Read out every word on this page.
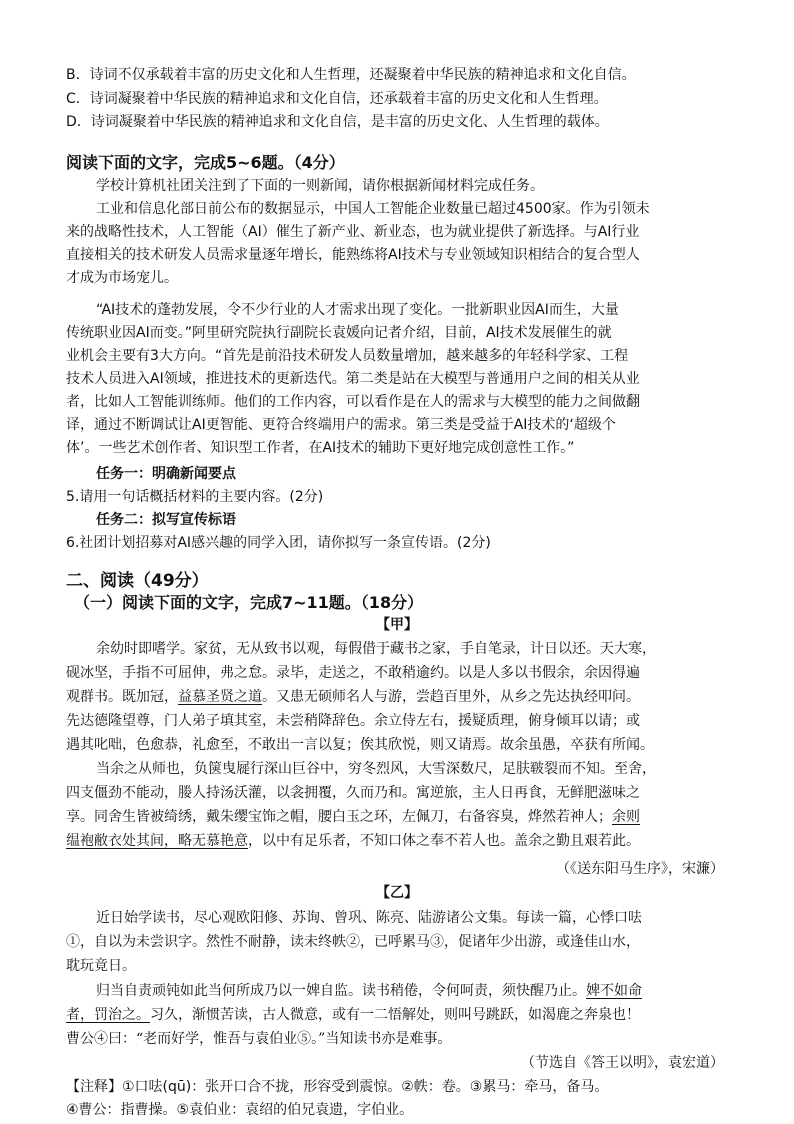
B．诗词不仅承载着丰富的历史文化和人生哲理，还凝聚着中华民族的精神追求和文化自信。
C．诗词凝聚着中华民族的精神追求和文化自信，还承载着丰富的历史文化和人生哲理。
D．诗词凝聚着中华民族的精神追求和文化自信，是丰富的历史文化、人生哲理的载体。
阅读下面的文字，完成5~6题。（4分）
学校计算机社团关注到了下面的一则新闻，请你根据新闻材料完成任务。
工业和信息化部日前公布的数据显示，中国人工智能企业数量已超过4500家。作为引领未
来的战略性技术，人工智能（AI）催生了新产业、新业态，也为就业提供了新选择。与AI行业
直接相关的技术研发人员需求量逐年增长，能熟练将AI技术与专业领域知识相结合的复合型人
才成为市场宠儿。
“AI技术的蓬勃发展，令不少行业的人才需求出现了变化。一批新职业因AI而生，大量
传统职业因AI而变。”阿里研究院执行副院长袁媛向记者介绍，目前，AI技术发展催生的就
业机会主要有3大方向。“首先是前沿技术研发人员数量增加，越来越多的年轻科学家、工程
技术人员进入AI领域，推进技术的更新迭代。第二类是站在大模型与普通用户之间的相关从业
者，比如人工智能训练师。他们的工作内容，可以看作是在人的需求与大模型的能力之间做翻
译，通过不断调试让AI更智能、更符合终端用户的需求。第三类是受益于AI技术的‘超级个
体’。一些艺术创作者、知识型工作者，在AI技术的辅助下更好地完成创意性工作。”
任务一：明确新闻要点
5.请用一句话概括材料的主要内容。(2分)
任务二：拟写宣传标语
6.社团计划招募对AI感兴趣的同学入团，请你拟写一条宣传语。(2分)
二、阅读（49分）
（一）阅读下面的文字，完成7~11题。（18分）
【甲】
余幼时即嗜学。家贫，无从致书以观，每假借于藏书之家，手自笔录，计日以还。天大寒，
砚冰坚，手指不可屈伸，弗之怠。录毕，走送之，不敢稍逾约。以是人多以书假余，余因得遍
观群书。既加冠，益慕圣贤之道。又患无硕师名人与游，尝趋百里外，从乡之先达执经叩问。
先达德隆望尊，门人弟子填其室，未尝稍降辞色。余立侍左右，援疑质理，俯身倾耳以请；或
遇其叱咄，色愈恭，礼愈至，不敢出一言以复；俟其欣悦，则又请焉。故余虽愚，卒获有所闻。
当余之从师也，负箧曳屣行深山巨谷中，穷冬烈风，大雪深数尺，足肤皲裂而不知。至舍，
四支僵劲不能动，媵人持汤沃灌，以衾拥覆，久而乃和。寓逆旅，主人日再食，无鲜肥滋味之
享。同舍生皆被绮绣，戴朱缨宝饰之帽，腰白玉之环，左佩刀，右备容臭，烨然若神人；余则
缊袍敝衣处其间，略无慕艳意，以中有足乐者，不知口体之奉不若人也。盖余之勤且艰若此。
（《送东阳马生序》，宋濂）
【乙】
近日始学读书，尽心观欧阳修、苏询、曾巩、陈亮、陆游诸公文集。每读一篇，心悸口呿
①，自以为未尝识字。然性不耐静，读未终帙②，已呼累马③，促诸年少出游，或逢佳山水，
耽玩竟日。
归当自责顽钝如此当何所成乃以一婢自监。读书稍倦，令何呵责，须快醒乃止。婢不如命
者，罚治之。习久，渐惯苦读，古人微意，或有一二悟解处，则叫号跳跃，如渴鹿之奔泉也！
曹公④曰：“老而好学，惟吾与袁伯业⑤。”当知读书亦是难事。
（节选自《答王以明》，袁宏道）
【注释】①口呿(qū)：张开口合不拢，形容受到震惊。②帙：卷。③累马：牵马，备马。
④曹公：指曹操。⑤袁伯业：袁绍的伯兄袁遗，字伯业。
